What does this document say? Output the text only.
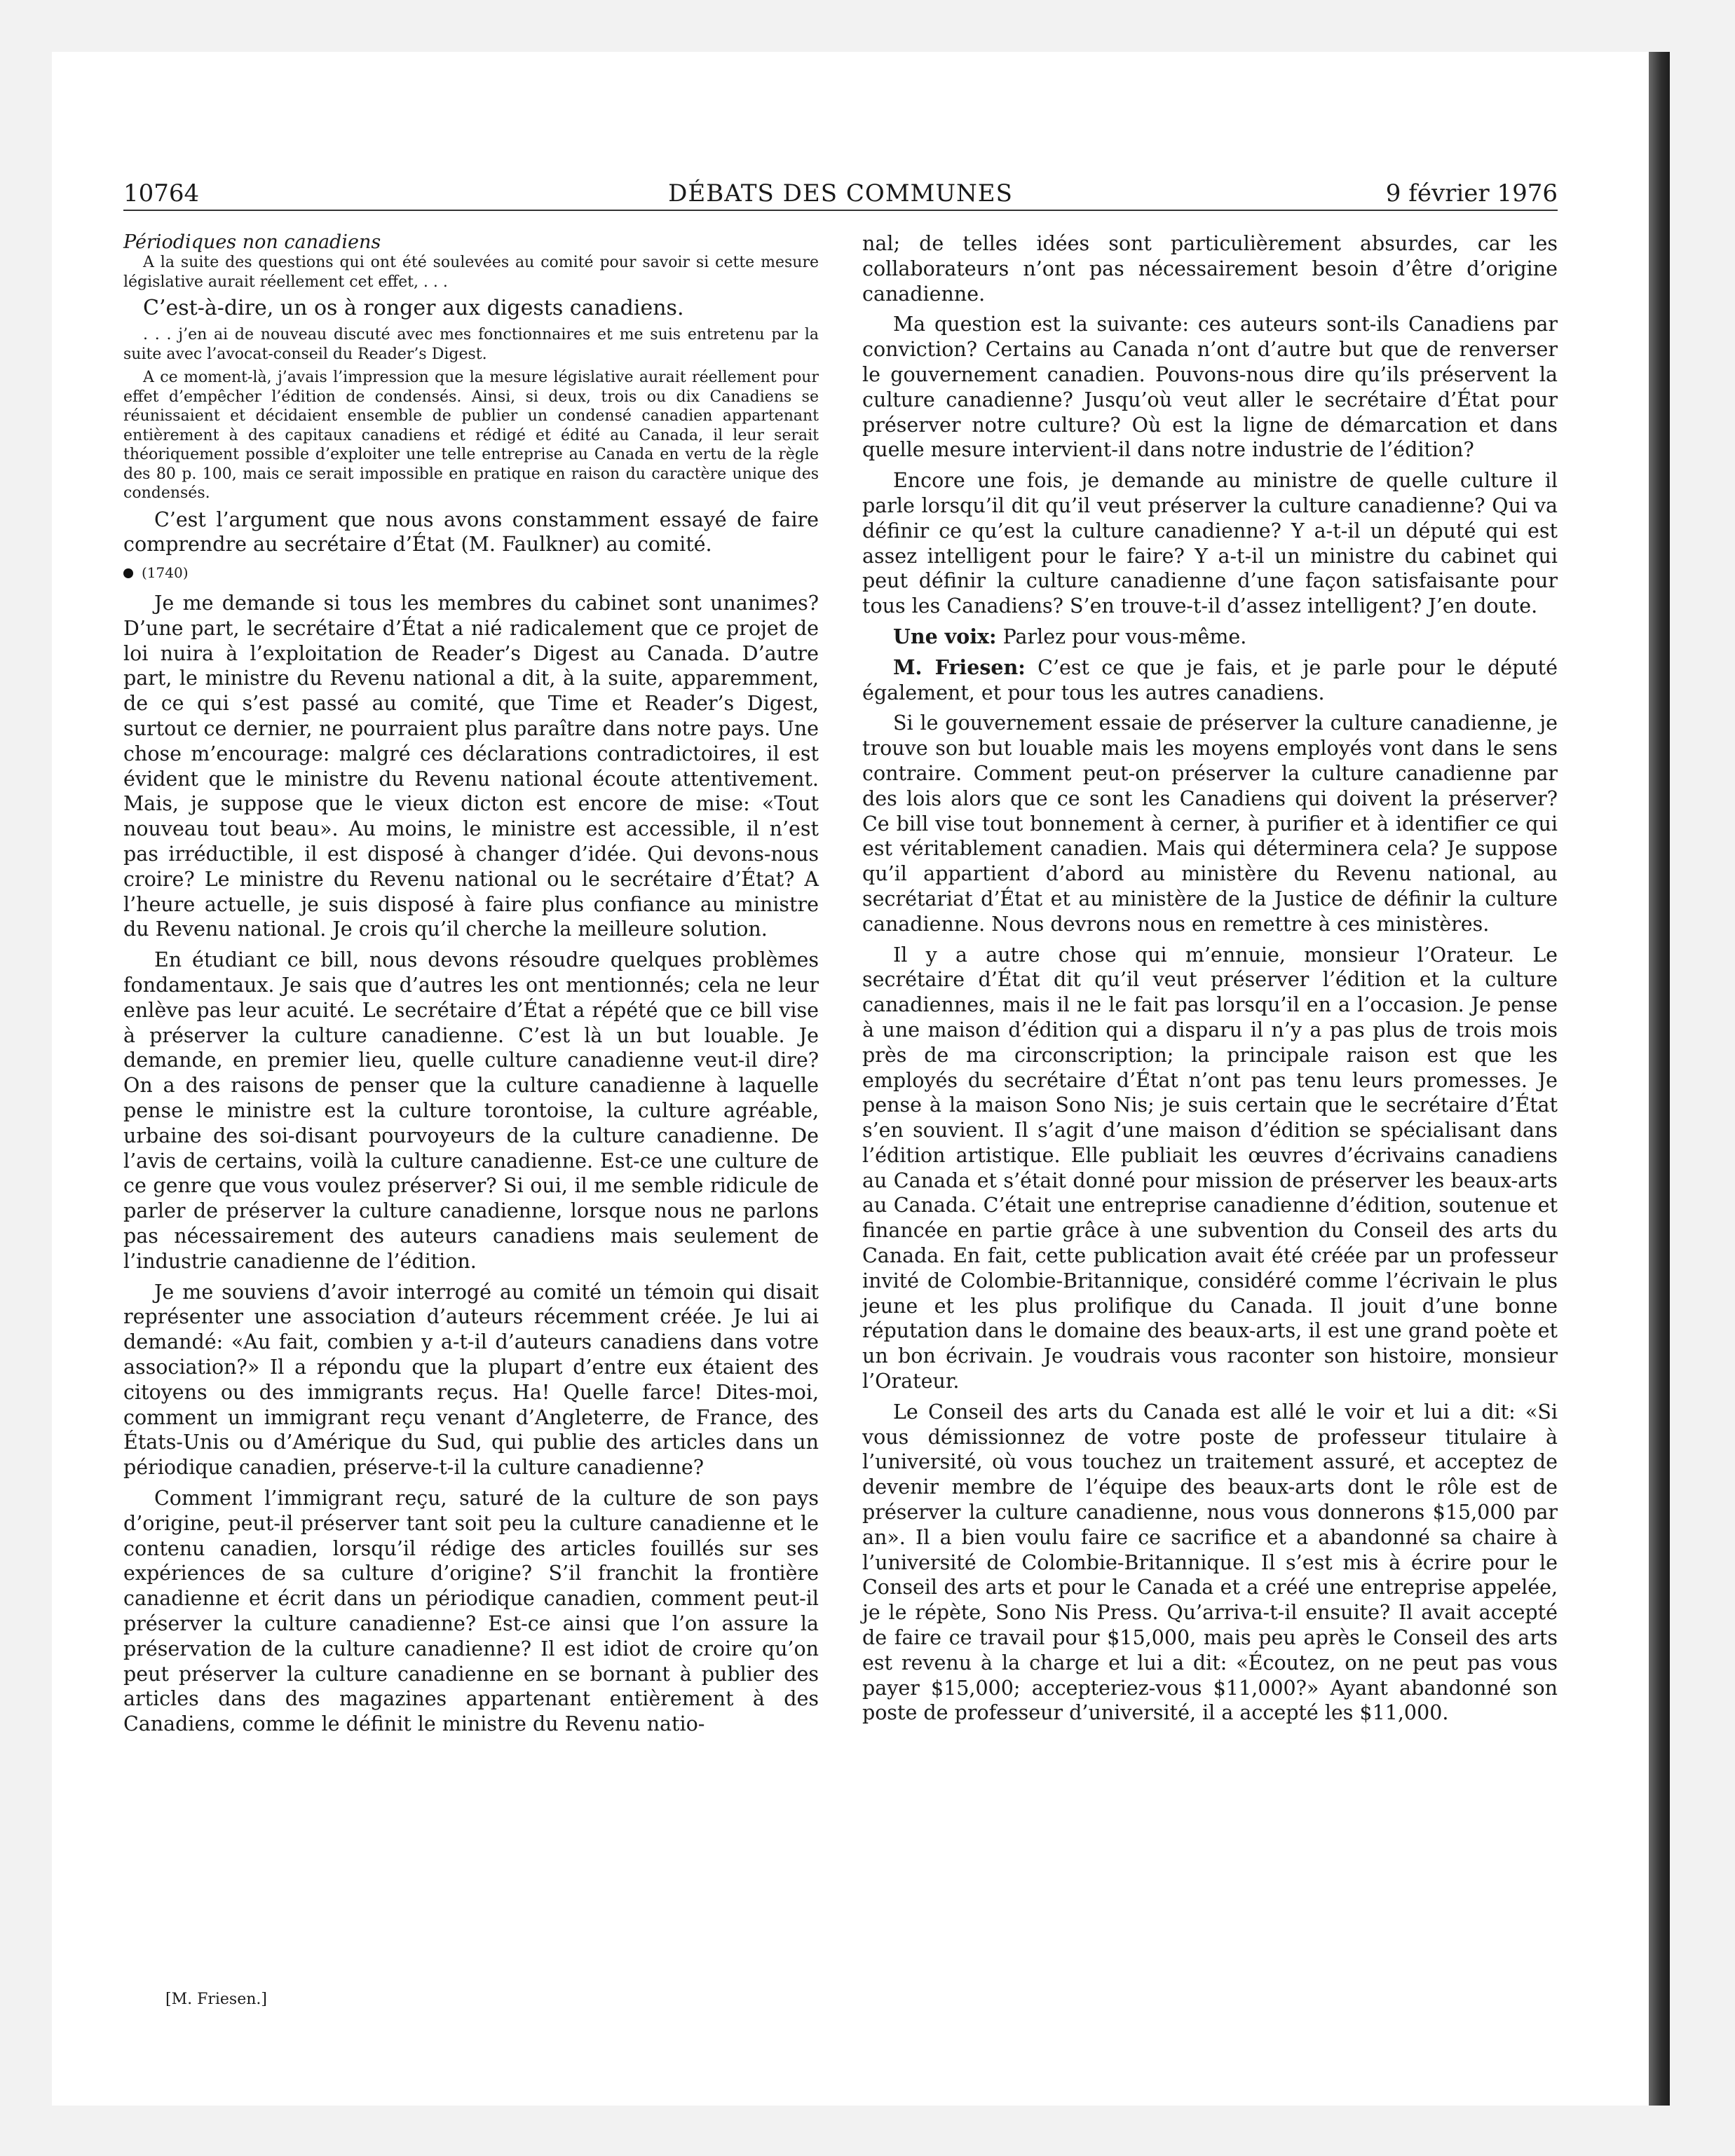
10764	DÉBATS DES COMMUNES	9 février 1976

Périodiques non canadiens

A la suite des questions qui ont été soulevées au comité pour savoir si cette mesure législative aurait réellement cet effet, . . .

C’est-à-dire, un os à ronger aux digests canadiens.

. . . j’en ai de nouveau discuté avec mes fonctionnaires et me suis entretenu par la suite avec l’avocat-conseil du Reader’s Digest.

A ce moment-là, j’avais l’impression que la mesure législative aurait réellement pour effet d’empêcher l’édition de condensés. Ainsi, si deux, trois ou dix Canadiens se réunissaient et décidaient ensemble de publier un condensé canadien appartenant entièrement à des capitaux canadiens et rédigé et édité au Canada, il leur serait théoriquement possible d’exploiter une telle entreprise au Canada en vertu de la règle des 80 p. 100, mais ce serait impossible en pratique en raison du caractère unique des condensés.

C’est l’argument que nous avons constamment essayé de faire comprendre au secrétaire d’État (M. Faulkner) au comité.

(1740)

Je me demande si tous les membres du cabinet sont unanimes? D’une part, le secrétaire d’État a nié radicalement que ce projet de loi nuira à l’exploitation de Reader’s Digest au Canada. D’autre part, le ministre du Revenu national a dit, à la suite, apparemment, de ce qui s’est passé au comité, que Time et Reader’s Digest, surtout ce dernier, ne pourraient plus paraître dans notre pays. Une chose m’encourage: malgré ces déclarations contradictoires, il est évident que le ministre du Revenu national écoute attentivement. Mais, je suppose que le vieux dicton est encore de mise: «Tout nouveau tout beau». Au moins, le ministre est accessible, il n’est pas irréductible, il est disposé à changer d’idée. Qui devons-nous croire? Le ministre du Revenu national ou le secrétaire d’État? A l’heure actuelle, je suis disposé à faire plus confiance au ministre du Revenu national. Je crois qu’il cherche la meilleure solution.

En étudiant ce bill, nous devons résoudre quelques problèmes fondamentaux. Je sais que d’autres les ont mentionnés; cela ne leur enlève pas leur acuité. Le secrétaire d’État a répété que ce bill vise à préserver la culture canadienne. C’est là un but louable. Je demande, en premier lieu, quelle culture canadienne veut-il dire? On a des raisons de penser que la culture canadienne à laquelle pense le ministre est la culture torontoise, la culture agréable, urbaine des soi-disant pourvoyeurs de la culture canadienne. De l’avis de certains, voilà la culture canadienne. Est-ce une culture de ce genre que vous voulez préserver? Si oui, il me semble ridicule de parler de préserver la culture canadienne, lorsque nous ne parlons pas nécessairement des auteurs canadiens mais seulement de l’industrie canadienne de l’édition.

Je me souviens d’avoir interrogé au comité un témoin qui disait représenter une association d’auteurs récemment créée. Je lui ai demandé: «Au fait, combien y a-t-il d’auteurs canadiens dans votre association?» Il a répondu que la plupart d’entre eux étaient des citoyens ou des immigrants reçus. Ha! Quelle farce! Dites-moi, comment un immigrant reçu venant d’Angleterre, de France, des États-Unis ou d’Amérique du Sud, qui publie des articles dans un périodique canadien, préserve-t-il la culture canadienne?

Comment l’immigrant reçu, saturé de la culture de son pays d’origine, peut-il préserver tant soit peu la culture canadienne et le contenu canadien, lorsqu’il rédige des articles fouillés sur ses expériences de sa culture d’origine? S’il franchit la frontière canadienne et écrit dans un périodique canadien, comment peut-il préserver la culture canadienne? Est-ce ainsi que l’on assure la préservation de la culture canadienne? Il est idiot de croire qu’on peut préserver la culture canadienne en se bornant à publier des articles dans des magazines appartenant entièrement à des Canadiens, comme le définit le ministre du Revenu natio-

[M. Friesen.]

nal; de telles idées sont particulièrement absurdes, car les collaborateurs n’ont pas nécessairement besoin d’être d’origine canadienne.

Ma question est la suivante: ces auteurs sont-ils Canadiens par conviction? Certains au Canada n’ont d’autre but que de renverser le gouvernement canadien. Pouvons-nous dire qu’ils préservent la culture canadienne? Jusqu’où veut aller le secrétaire d’État pour préserver notre culture? Où est la ligne de démarcation et dans quelle mesure intervient-il dans notre industrie de l’édition?

Encore une fois, je demande au ministre de quelle culture il parle lorsqu’il dit qu’il veut préserver la culture canadienne? Qui va définir ce qu’est la culture canadienne? Y a-t-il un député qui est assez intelligent pour le faire? Y a-t-il un ministre du cabinet qui peut définir la culture canadienne d’une façon satisfaisante pour tous les Canadiens? S’en trouve-t-il d’assez intelligent? J’en doute.

Une voix: Parlez pour vous-même.

M. Friesen: C’est ce que je fais, et je parle pour le député également, et pour tous les autres canadiens.

Si le gouvernement essaie de préserver la culture canadienne, je trouve son but louable mais les moyens employés vont dans le sens contraire. Comment peut-on préserver la culture canadienne par des lois alors que ce sont les Canadiens qui doivent la préserver? Ce bill vise tout bonnement à cerner, à purifier et à identifier ce qui est véritablement canadien. Mais qui déterminera cela? Je suppose qu’il appartient d’abord au ministère du Revenu national, au secrétariat d’État et au ministère de la Justice de définir la culture canadienne. Nous devrons nous en remettre à ces ministères.

Il y a autre chose qui m’ennuie, monsieur l’Orateur. Le secrétaire d’État dit qu’il veut préserver l’édition et la culture canadiennes, mais il ne le fait pas lorsqu’il en a l’occasion. Je pense à une maison d’édition qui a disparu il n’y a pas plus de trois mois près de ma circonscription; la principale raison est que les employés du secrétaire d’État n’ont pas tenu leurs promesses. Je pense à la maison Sono Nis; je suis certain que le secrétaire d’État s’en souvient. Il s’agit d’une maison d’édition se spécialisant dans l’édition artistique. Elle publiait les œuvres d’écrivains canadiens au Canada et s’était donné pour mission de préserver les beaux-arts au Canada. C’était une entreprise canadienne d’édition, soutenue et financée en partie grâce à une subvention du Conseil des arts du Canada. En fait, cette publication avait été créée par un professeur invité de Colombie-Britannique, considéré comme l’écrivain le plus jeune et les plus prolifique du Canada. Il jouit d’une bonne réputation dans le domaine des beaux-arts, il est une grand poète et un bon écrivain. Je voudrais vous raconter son histoire, monsieur l’Orateur.

Le Conseil des arts du Canada est allé le voir et lui a dit: «Si vous démissionnez de votre poste de professeur titulaire à l’université, où vous touchez un traitement assuré, et acceptez de devenir membre de l’équipe des beaux-arts dont le rôle est de préserver la culture canadienne, nous vous donnerons $15,000 par an». Il a bien voulu faire ce sacrifice et a abandonné sa chaire à l’université de Colombie-Britannique. Il s’est mis à écrire pour le Conseil des arts et pour le Canada et a créé une entreprise appelée, je le répète, Sono Nis Press. Qu’arriva-t-il ensuite? Il avait accepté de faire ce travail pour $15,000, mais peu après le Conseil des arts est revenu à la charge et lui a dit: «Écoutez, on ne peut pas vous payer $15,000; accepteriez-vous $11,000?» Ayant abandonné son poste de professeur d’université, il a accepté les $11,000.
